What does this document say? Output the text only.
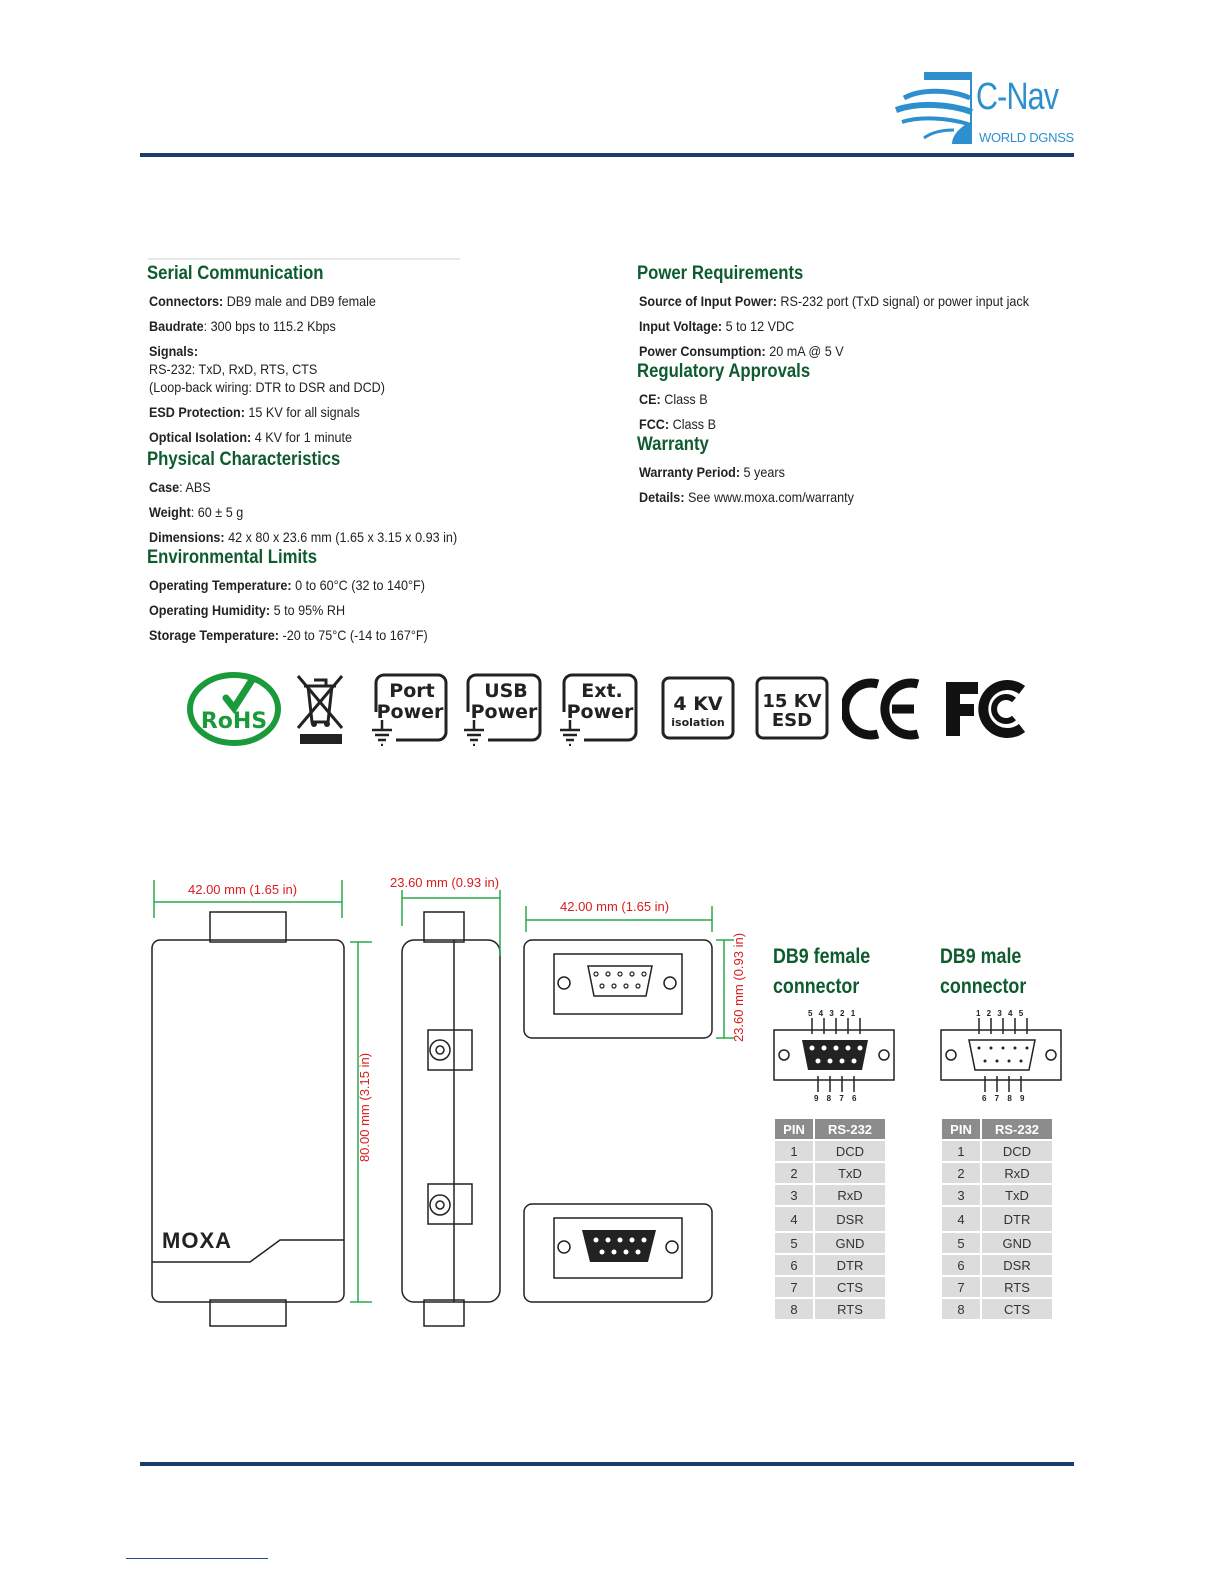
C-Nav
WORLD DGNSS
Serial Communication
Connectors: DB9 male and DB9 female
Baudrate: 300 bps to 115.2 Kbps
Signals:
RS-232: TxD, RxD, RTS, CTS
(Loop-back wiring: DTR to DSR and DCD)
ESD Protection: 15 KV for all signals
Optical Isolation: 4 KV for 1 minute
Physical Characteristics
Case: ABS
Weight: 60 ± 5 g
Dimensions: 42 x 80 x 23.6 mm (1.65 x 3.15 x 0.93 in)
Environmental Limits
Operating Temperature: 0 to 60°C (32 to 140°F)
Operating Humidity: 5 to 95% RH
Storage Temperature: -20 to 75°C (-14 to 167°F)
Power Requirements
Source of Input Power: RS-232 port (TxD signal) or power input jack
Input Voltage: 5 to 12 VDC
Power Consumption: 20 mA @ 5 V
Regulatory Approvals
CE: Class B
FCC: Class B
Warranty
Warranty Period: 5 years
Details: See www.moxa.com/warranty
RoHS
Port
Power
USB
Power
Ext.
Power 4 KV
isolation
15 KV
ESD
CE	FC
42.00 mm (1.65 in)	23.60 mm (0.93 in)
42.00 mm (1.65 in)
80.00 mm (3.15 in)
23.60 mm (0.93 in)
MOXA
DB9 female
connector
5 4 3 2 1
9 8 7 6
PIN	RS-232
1	DCD
2	TxD
3	RxD
4	DSR
5	GND
6	DTR
7	CTS
8	RTS
DB9 male
connector
1 2 3 4 5
6 7 8 9
PIN	RS-232
1	DCD
2	RxD
3	TxD
4	DTR
5	GND
6	DSR
7	RTS
8	CTS
